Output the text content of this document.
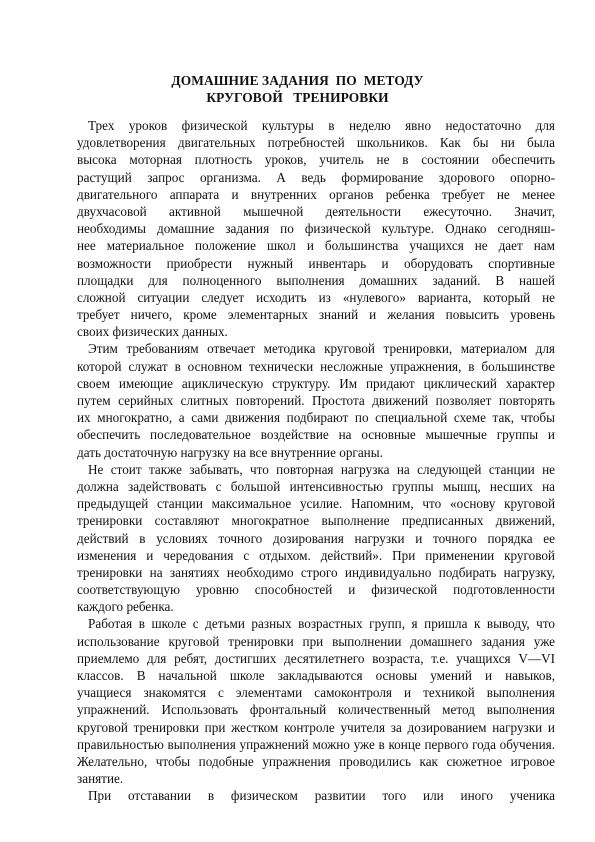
ДОМАШНИЕ ЗАДАНИЯ  ПО  МЕТОДУ
КРУГОВОЙ   ТРЕНИРОВКИ

Трех уроков физической культуры в неделю явно недостаточно для
удовлетворения двигательных потребностей школьников. Как бы ни была
высока моторная плотность уроков, учитель не в состоянии обеспечить
растущий запрос организма. А ведь формирование здорового опорно-
двигательного аппарата и внутренних органов ребенка требует не менее
двухчасовой активной мышечной деятельности ежесуточно. Значит,
необходимы домашние задания по физической культуре. Однако сегодняш-
нее материальное положение школ и большинства учащихся не дает нам
возможности приобрести нужный инвентарь и оборудовать спортивные
площадки для полноценного выполнения домашних заданий. В нашей
сложной ситуации следует исходить из «нулевого» варианта, который не
требует ничего, кроме элементарных знаний и желания повысить уровень
своих физических данных.

Этим требованиям отвечает методика круговой тренировки, материалом для
которой служат в основном технически несложные упражнения, в большинстве
своем имеющие ациклическую структуру. Им придают циклический характер
путем серийных слитных повторений. Простота движений позволяет повторять
их многократно, а сами движения подбирают по специальной схеме так, чтобы
обеспечить последовательное воздействие на основные мышечные группы и
дать достаточную нагрузку на все внутренние органы.

Не стоит также забывать, что повторная нагрузка на следующей станции не
должна задействовать с большой интенсивностью группы мышц, несших на
предыдущей станции максимальное усилие. Напомним, что «основу круговой
тренировки составляют многократное выполнение предписанных движений,
действий в условиях точного дозирования нагрузки и точного порядка ее
изменения и чередования с отдыхом. действий». При применении круговой
тренировки на занятиях необходимо строго индивидуально подбирать нагрузку,
соответствующую уровню способностей и физической подготовленности
каждого ребенка.

Работая в школе с детьми разных возрастных групп, я пришла к выводу, что
использование круговой тренировки при выполнении домашнего задания уже
приемлемо для ребят, достигших десятилетнего возраста, т.е. учащихся V—VI
классов. В начальной школе закладываются основы умений и навыков,
учащиеся знакомятся с элементами самоконтроля и техникой выполнения
упражнений. Использовать фронтальный количественный метод выполнения
круговой тренировки при жестком контроле учителя за дозированием нагрузки и
правильностью выполнения упражнений можно уже в конце первого года обучения.
Желательно, чтобы подобные упражнения проводились как сюжетное игровое
занятие.

При отставании в физическом развитии того или иного ученика
